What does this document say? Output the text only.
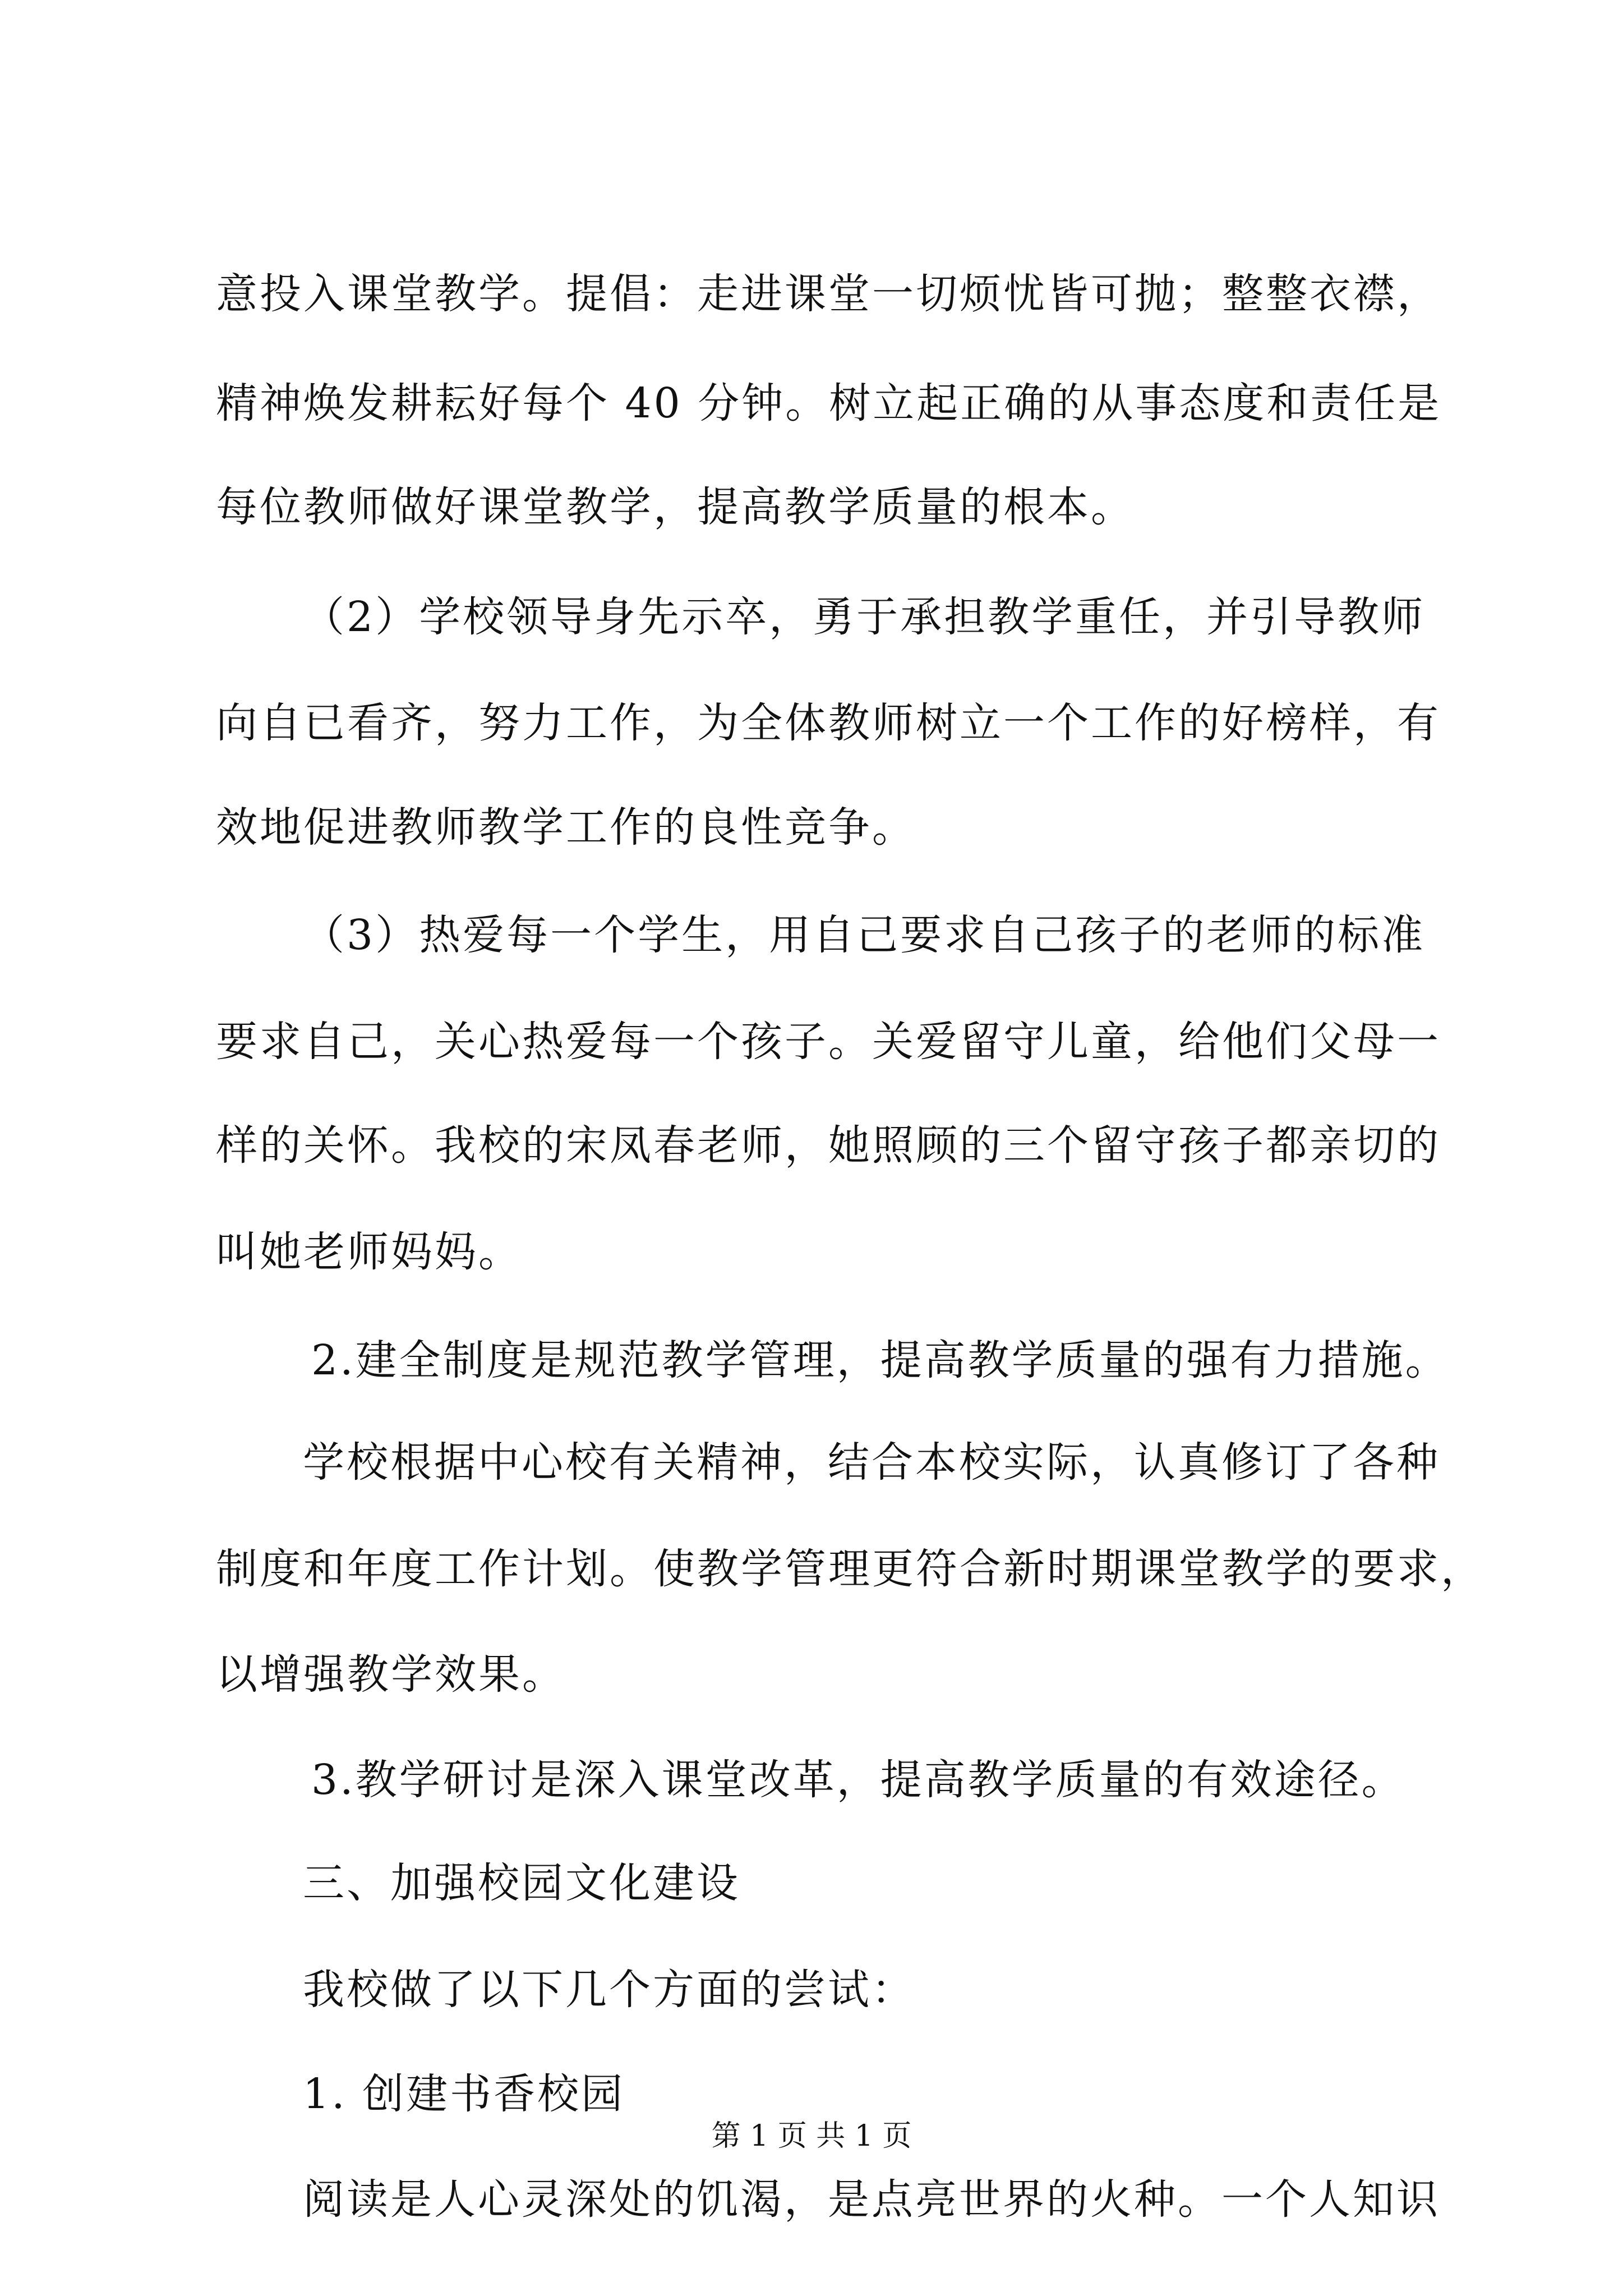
意投入课堂教学。提倡：走进课堂一切烦忧皆可抛；整整衣襟，
精神焕发耕耘好每个 40 分钟。树立起正确的从事态度和责任是
每位教师做好课堂教学，提高教学质量的根本。
（2）学校领导身先示卒，勇于承担教学重任，并引导教师
向自已看齐，努力工作，为全体教师树立一个工作的好榜样，有
效地促进教师教学工作的良性竞争。
（3）热爱每一个学生，用自己要求自己孩子的老师的标准
要求自己，关心热爱每一个孩子。关爱留守儿童，给他们父母一
样的关怀。我校的宋凤春老师，她照顾的三个留守孩子都亲切的
叫她老师妈妈。
2.建全制度是规范教学管理，提高教学质量的强有力措施。
学校根据中心校有关精神，结合本校实际，认真修订了各种
制度和年度工作计划。使教学管理更符合新时期课堂教学的要求，
以增强教学效果。
3.教学研讨是深入课堂改革，提高教学质量的有效途径。
三、加强校园文化建设
我校做了以下几个方面的尝试：
1. 创建书香校园
阅读是人心灵深处的饥渴，是点亮世界的火种。一个人知识
第 1 页 共 1 页
